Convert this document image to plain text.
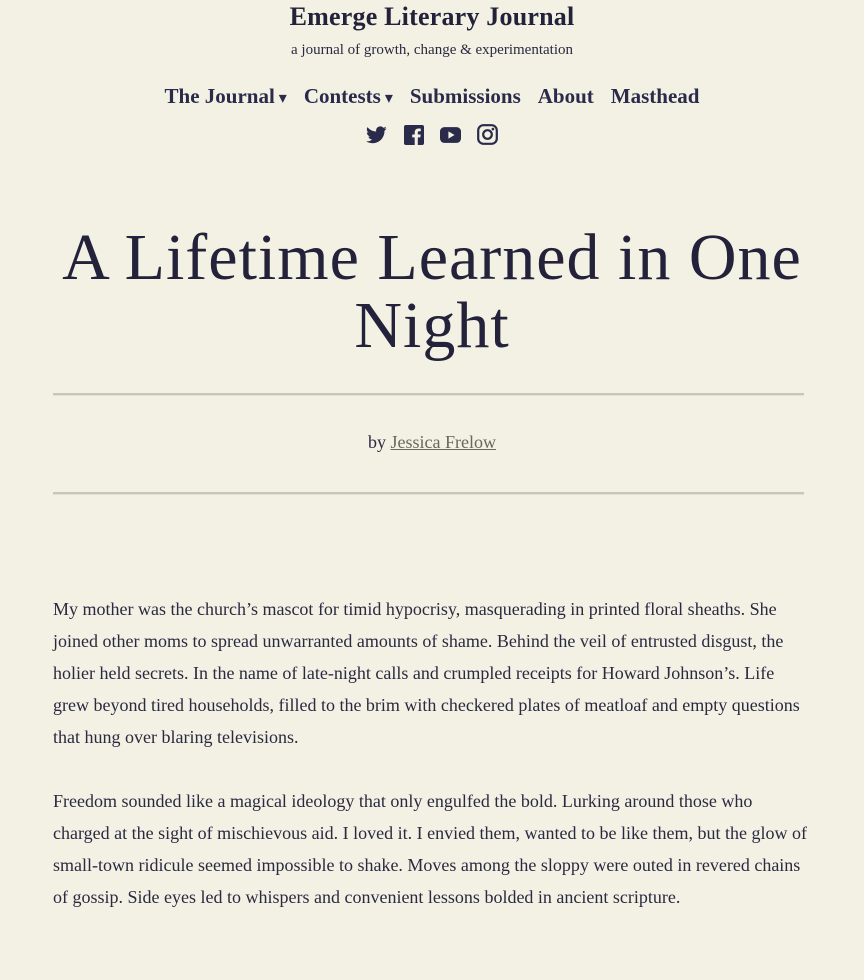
Emerge Literary Journal
a journal of growth, change & experimentation
The Journal ▾ Contests ▾ Submissions About Masthead
A Lifetime Learned in One Night
by Jessica Frelow

My mother was the church’s mascot for timid hypocrisy, masquerading in printed floral sheaths. She joined other moms to spread unwarranted amounts of shame. Behind the veil of entrusted disgust, the holier held secrets. In the name of late-night calls and crumpled receipts for Howard Johnson’s. Life grew beyond tired households, filled to the brim with checkered plates of meatloaf and empty questions that hung over blaring televisions.

Freedom sounded like a magical ideology that only engulfed the bold. Lurking around those who charged at the sight of mischievous aid. I loved it. I envied them, wanted to be like them, but the glow of small-town ridicule seemed impossible to shake. Moves among the sloppy were outed in revered chains of gossip. Side eyes led to whispers and convenient lessons bolded in ancient scripture.
